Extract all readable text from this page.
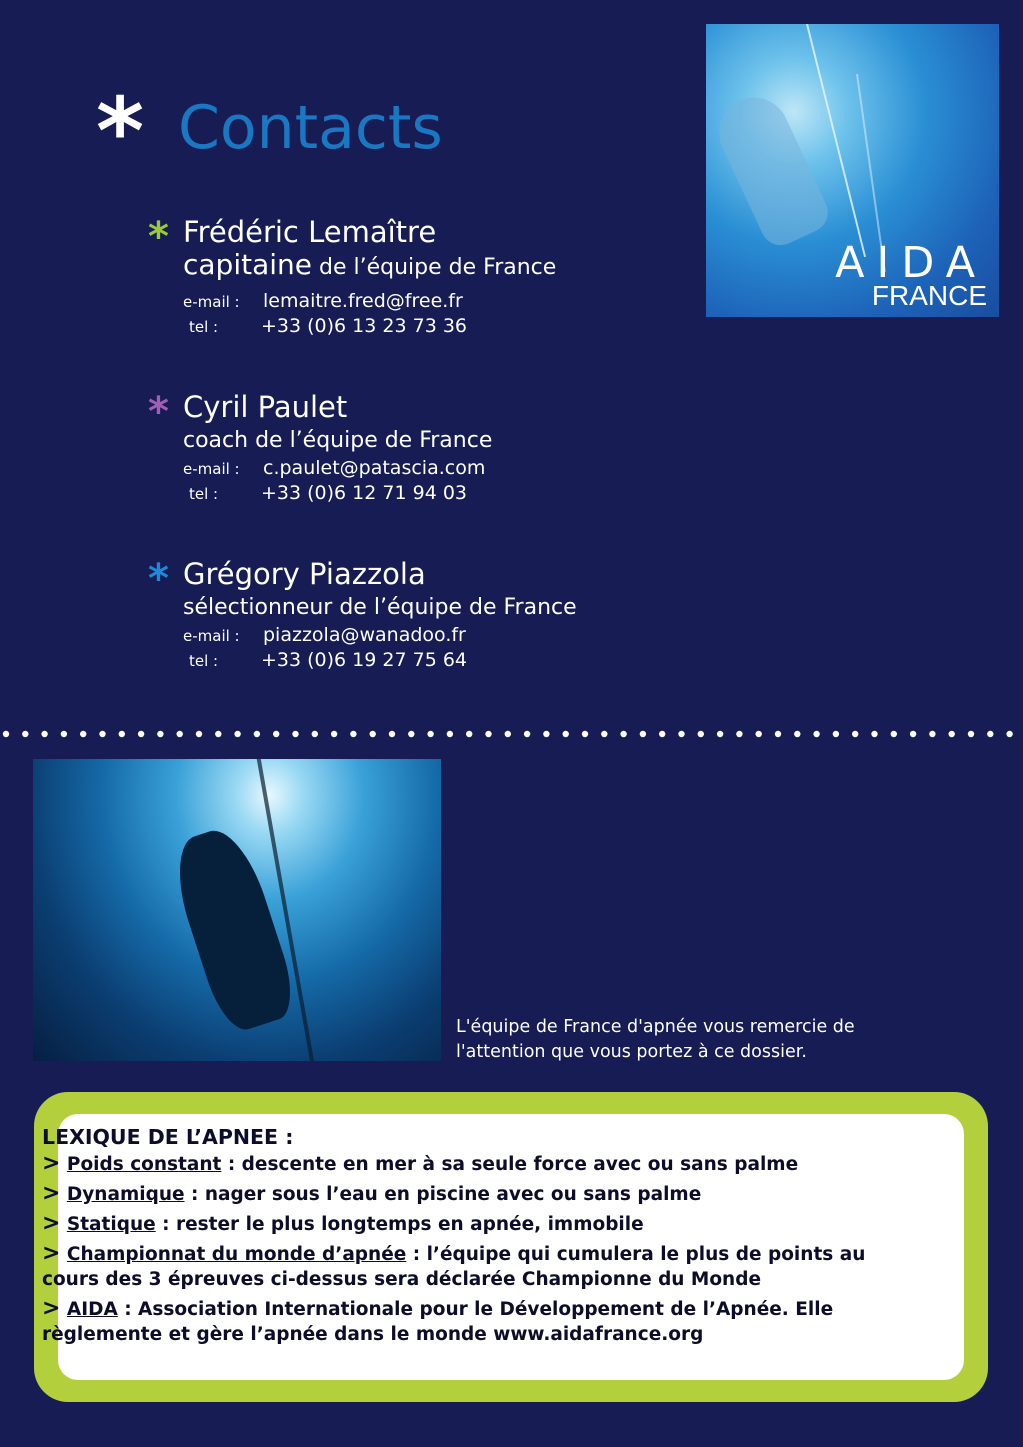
* Contacts
* Frédéric Lemaître
capitaine de l’équipe de France
e-mail : lemaitre.fred@free.fr
tel : +33 (0)6 13 23 73 36
* Cyril Paulet
coach de l’équipe de France
e-mail : c.paulet@patascia.com
tel : +33 (0)6 12 71 94 03
* Grégory Piazzola
sélectionneur de l’équipe de France
e-mail : piazzola@wanadoo.fr
tel : +33 (0)6 19 27 75 64
AIDA
FRANCE
L'équipe de France d'apnée vous remercie de l'attention que vous portez à ce dossier.
LEXIQUE DE L’APNEE :
> Poids constant : descente en mer à sa seule force avec ou sans palme
> Dynamique : nager sous l’eau en piscine avec ou sans palme
> Statique : rester le plus longtemps en apnée, immobile
> Championnat du monde d’apnée : l’équipe qui cumulera le plus de points au cours des 3 épreuves ci-dessus sera déclarée Championne du Monde
> AIDA : Association Internationale pour le Développement de l’Apnée. Elle règlemente et gère l’apnée dans le monde www.aidafrance.org
